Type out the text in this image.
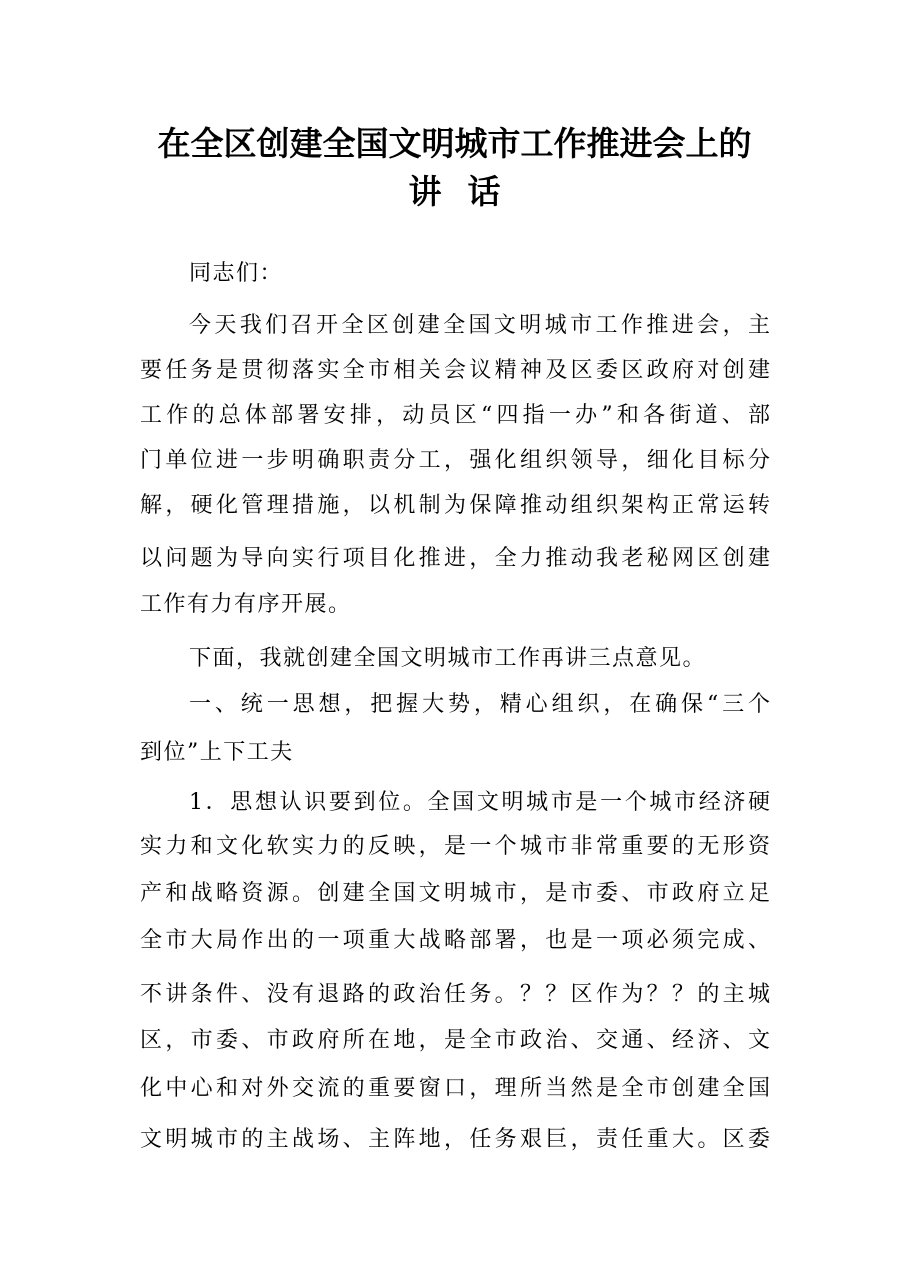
在全区创建全国文明城市工作推进会上的
讲话
同志们：
今天我们召开全区创建全国文明城市工作推进会，主
要任务是贯彻落实全市相关会议精神及区委区政府对创建
工作的总体部署安排，动员区“四指一办”和各街道、部
门单位进一步明确职责分工，强化组织领导，细化目标分
解，硬化管理措施，以机制为保障推动组织架构正常运转
以问题为导向实行项目化推进，全力推动我老秘网区创建
工作有力有序开展。
下面，我就创建全国文明城市工作再讲三点意见。
一、统一思想，把握大势，精心组织，在确保“三个
到位”上下工夫
1．思想认识要到位。全国文明城市是一个城市经济硬
实力和文化软实力的反映，是一个城市非常重要的无形资
产和战略资源。创建全国文明城市，是市委、市政府立足
全市大局作出的一项重大战略部署，也是一项必须完成、
不讲条件、没有退路的政治任务。？？区作为？？的主城
区，市委、市政府所在地，是全市政治、交通、经济、文
化中心和对外交流的重要窗口，理所当然是全市创建全国
文明城市的主战场、主阵地，任务艰巨，责任重大。区委
